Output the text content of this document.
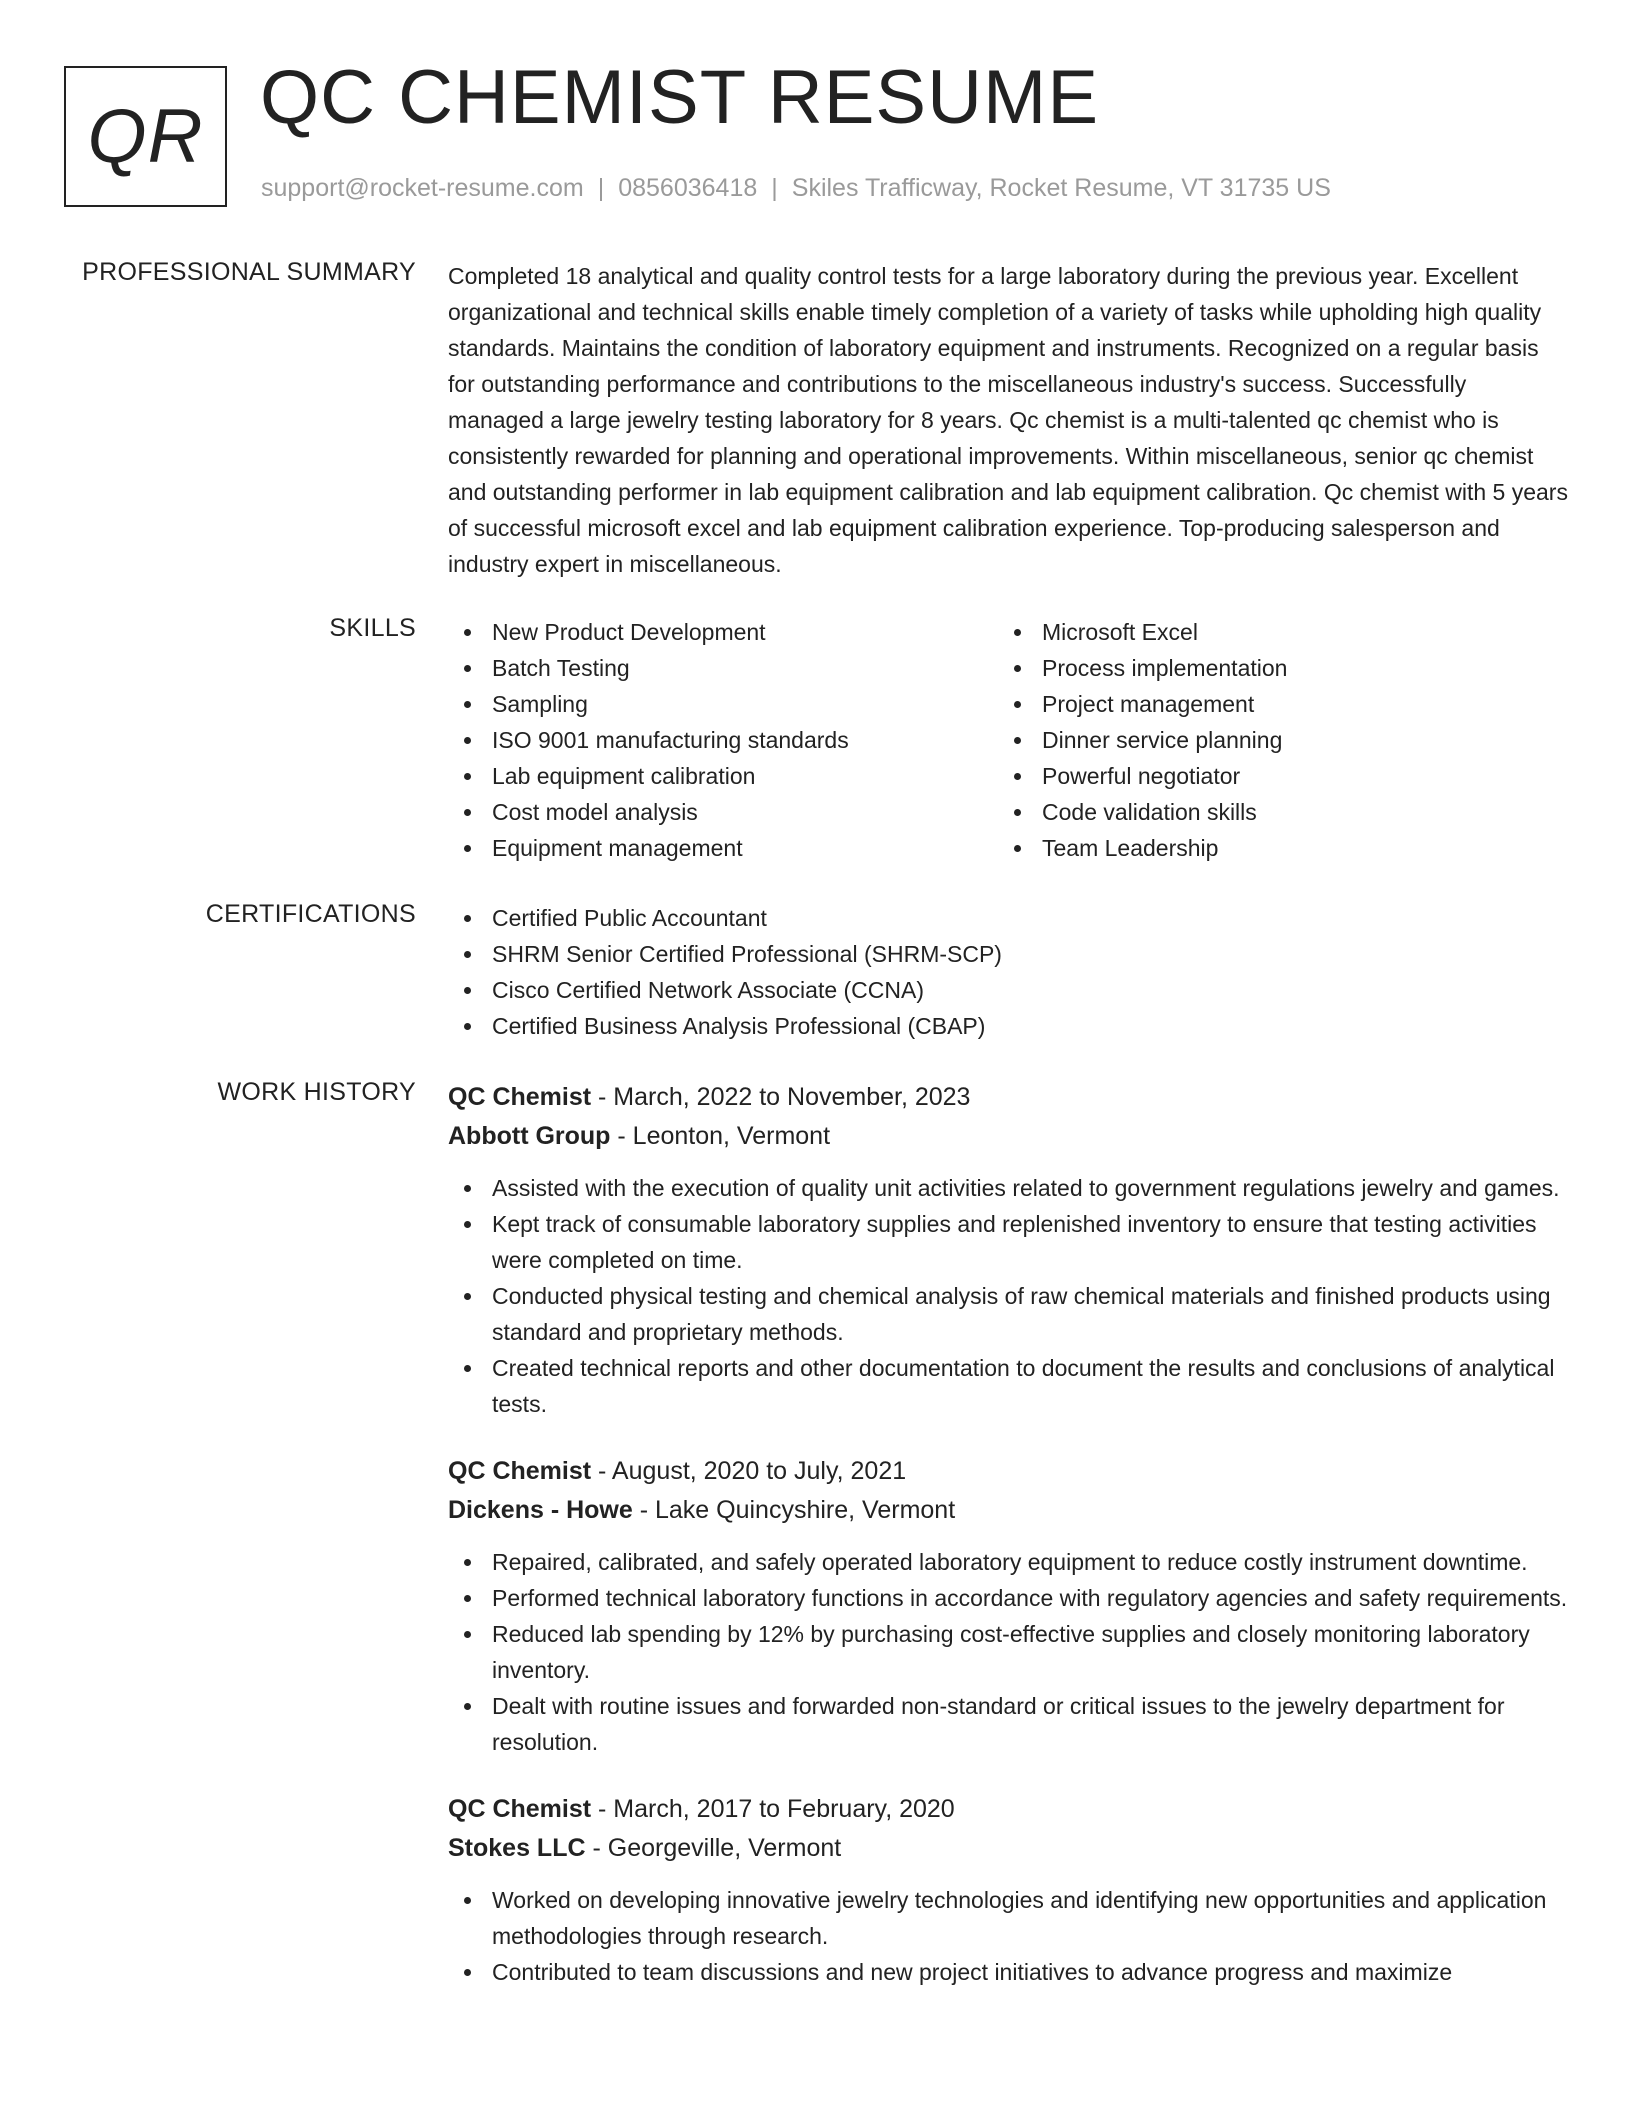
QR QC CHEMIST RESUME
support@rocket-resume.com | 0856036418 | Skiles Trafficway, Rocket Resume, VT 31735 US
PROFESSIONAL SUMMARY Completed 18 analytical and quality control tests for a large laboratory during the previous year. Excellent organizational and technical skills enable timely completion of a variety of tasks while upholding high quality standards. Maintains the condition of laboratory equipment and instruments. Recognized on a regular basis for outstanding performance and contributions to the miscellaneous industry's success. Successfully managed a large jewelry testing laboratory for 8 years. Qc chemist is a multi-talented qc chemist who is consistently rewarded for planning and operational improvements. Within miscellaneous, senior qc chemist and outstanding performer in lab equipment calibration and lab equipment calibration. Qc chemist with 5 years of successful microsoft excel and lab equipment calibration experience. Top-producing salesperson and industry expert in miscellaneous.

SKILLS	New Product Development
Batch Testing
Sampling
ISO 9001 manufacturing standards
Lab equipment calibration
Cost model analysis
Equipment management
Microsoft Excel
Process implementation
Project management
Dinner service planning
Powerful negotiator
Code validation skills
Team Leadership
CERTIFICATIONS	Certified Public Accountant
SHRM Senior Certified Professional (SHRM-SCP)
Cisco Certified Network Associate (CCNA)
Certified Business Analysis Professional (CBAP)
WORK HISTORY QC Chemist - March, 2022 to November, 2023
Abbott Group - Leonton, Vermont
Assisted with the execution of quality unit activities related to government regulations jewelry and games.
Kept track of consumable laboratory supplies and replenished inventory to ensure that testing activities were completed on time.
Conducted physical testing and chemical analysis of raw chemical materials and finished products using standard and proprietary methods.
Created technical reports and other documentation to document the results and conclusions of analytical tests.
QC Chemist - August, 2020 to July, 2021
Dickens - Howe - Lake Quincyshire, Vermont
Repaired, calibrated, and safely operated laboratory equipment to reduce costly instrument downtime.
Performed technical laboratory functions in accordance with regulatory agencies and safety requirements.
Reduced lab spending by 12% by purchasing cost-effective supplies and closely monitoring laboratory inventory.
Dealt with routine issues and forwarded non-standard or critical issues to the jewelry department for resolution.
QC Chemist - March, 2017 to February, 2020
Stokes LLC - Georgeville, Vermont
Worked on developing innovative jewelry technologies and identifying new opportunities and application methodologies through research.
Contributed to team discussions and new project initiatives to advance progress and maximize
